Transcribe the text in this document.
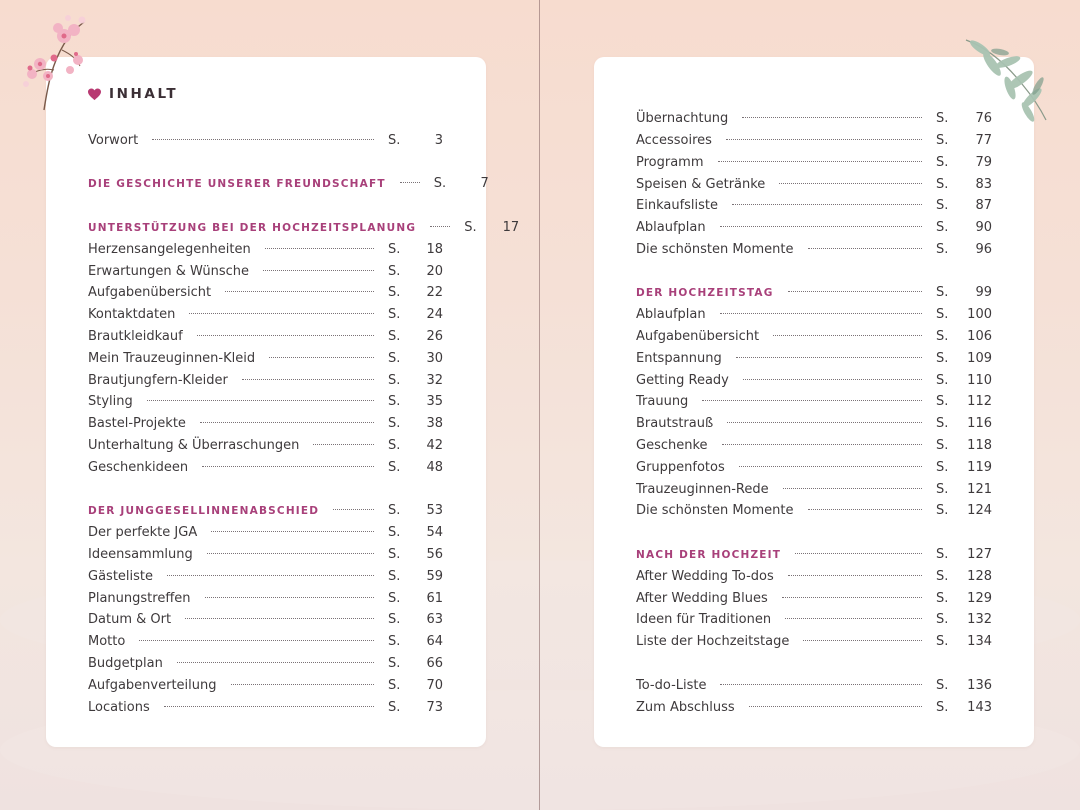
INHALT
Vorwort	S.	3
DIE GESCHICHTE UNSERER FREUNDSCHAFT	S.	7
UNTERSTÜTZUNG BEI DER HOCHZEITSPLANUNG	S.	17
Herzensangelegenheiten	S.	18
Erwartungen & Wünsche	S.	20
Aufgabenübersicht	S.	22
Kontaktdaten	S.	24
Brautkleidkauf	S.	26
Mein Trauzeuginnen-Kleid	S.	30
Brautjungfern-Kleider	S.	32
Styling	S.	35
Bastel-Projekte	S.	38
Unterhaltung & Überraschungen	S.	42
Geschenkideen	S.	48
DER JUNGGESELLINNENABSCHIED	S.	53
Der perfekte JGA	S.	54
Ideensammlung	S.	56
Gästeliste	S.	59
Planungstreffen	S.	61
Datum & Ort	S.	63
Motto	S.	64
Budgetplan	S.	66
Aufgabenverteilung	S.	70
Locations	S.	73
Übernachtung	S.	76
Accessoires	S.	77
Programm	S.	79
Speisen & Getränke	S.	83
Einkaufsliste	S.	87
Ablaufplan	S.	90
Die schönsten Momente	S.	96
DER HOCHZEITSTAG	S.	99
Ablaufplan	S.	100
Aufgabenübersicht	S.	106
Entspannung	S.	109
Getting Ready	S.	110
Trauung	S.	112
Brautstrauß	S.	116
Geschenke	S.	118
Gruppenfotos	S.	119
Trauzeuginnen-Rede	S.	121
Die schönsten Momente	S.	124
NACH DER HOCHZEIT	S.	127
After Wedding To-dos	S.	128
After Wedding Blues	S.	129
Ideen für Traditionen	S.	132
Liste der Hochzeitstage	S.	134
To-do-Liste	S.	136
Zum Abschluss	S.	143
